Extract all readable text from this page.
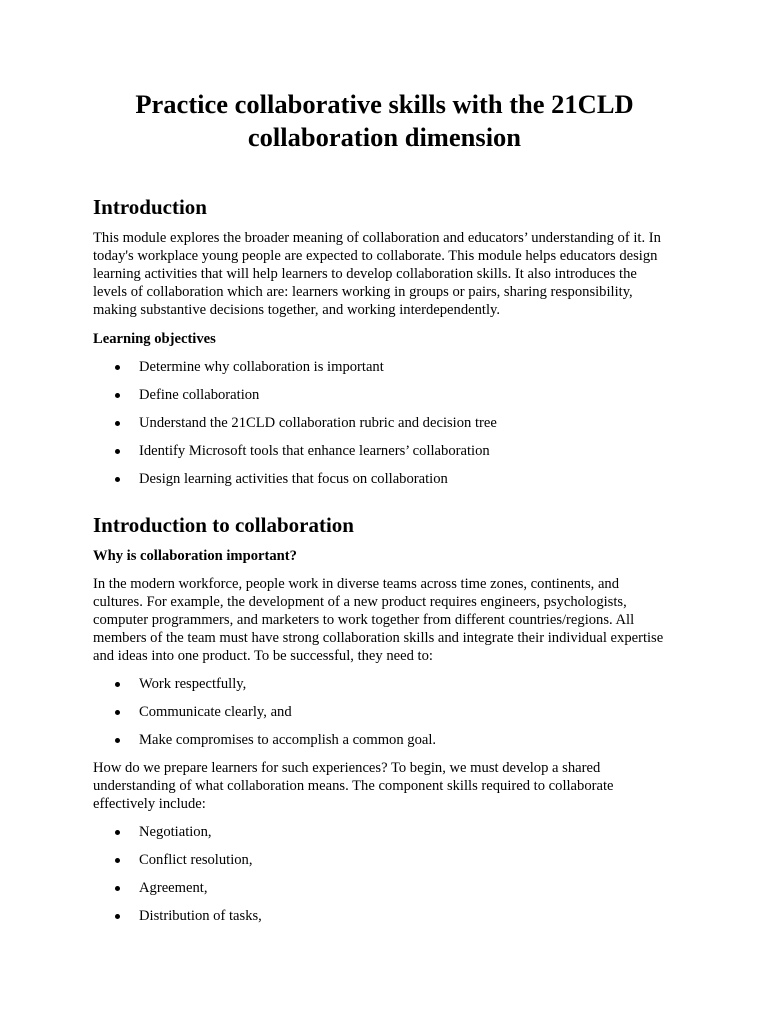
Practice collaborative skills with the 21CLD collaboration dimension
Introduction

This module explores the broader meaning of collaboration and educators’ understanding of it. In today's workplace young people are expected to collaborate. This module helps educators design learning activities that will help learners to develop collaboration skills. It also introduces the levels of collaboration which are: learners working in groups or pairs, sharing responsibility, making substantive decisions together, and working interdependently.

Learning objectives

Determine why collaboration is important
Define collaboration
Understand the 21CLD collaboration rubric and decision tree
Identify Microsoft tools that enhance learners’ collaboration
Design learning activities that focus on collaboration
Introduction to collaboration

Why is collaboration important?

In the modern workforce, people work in diverse teams across time zones, continents, and cultures. For example, the development of a new product requires engineers, psychologists, computer programmers, and marketers to work together from different countries/regions. All members of the team must have strong collaboration skills and integrate their individual expertise and ideas into one product. To be successful, they need to:

Work respectfully,
Communicate clearly, and
Make compromises to accomplish a common goal.

How do we prepare learners for such experiences? To begin, we must develop a shared understanding of what collaboration means. The component skills required to collaborate effectively include:

Negotiation,
Conflict resolution,
Agreement,
Distribution of tasks,
